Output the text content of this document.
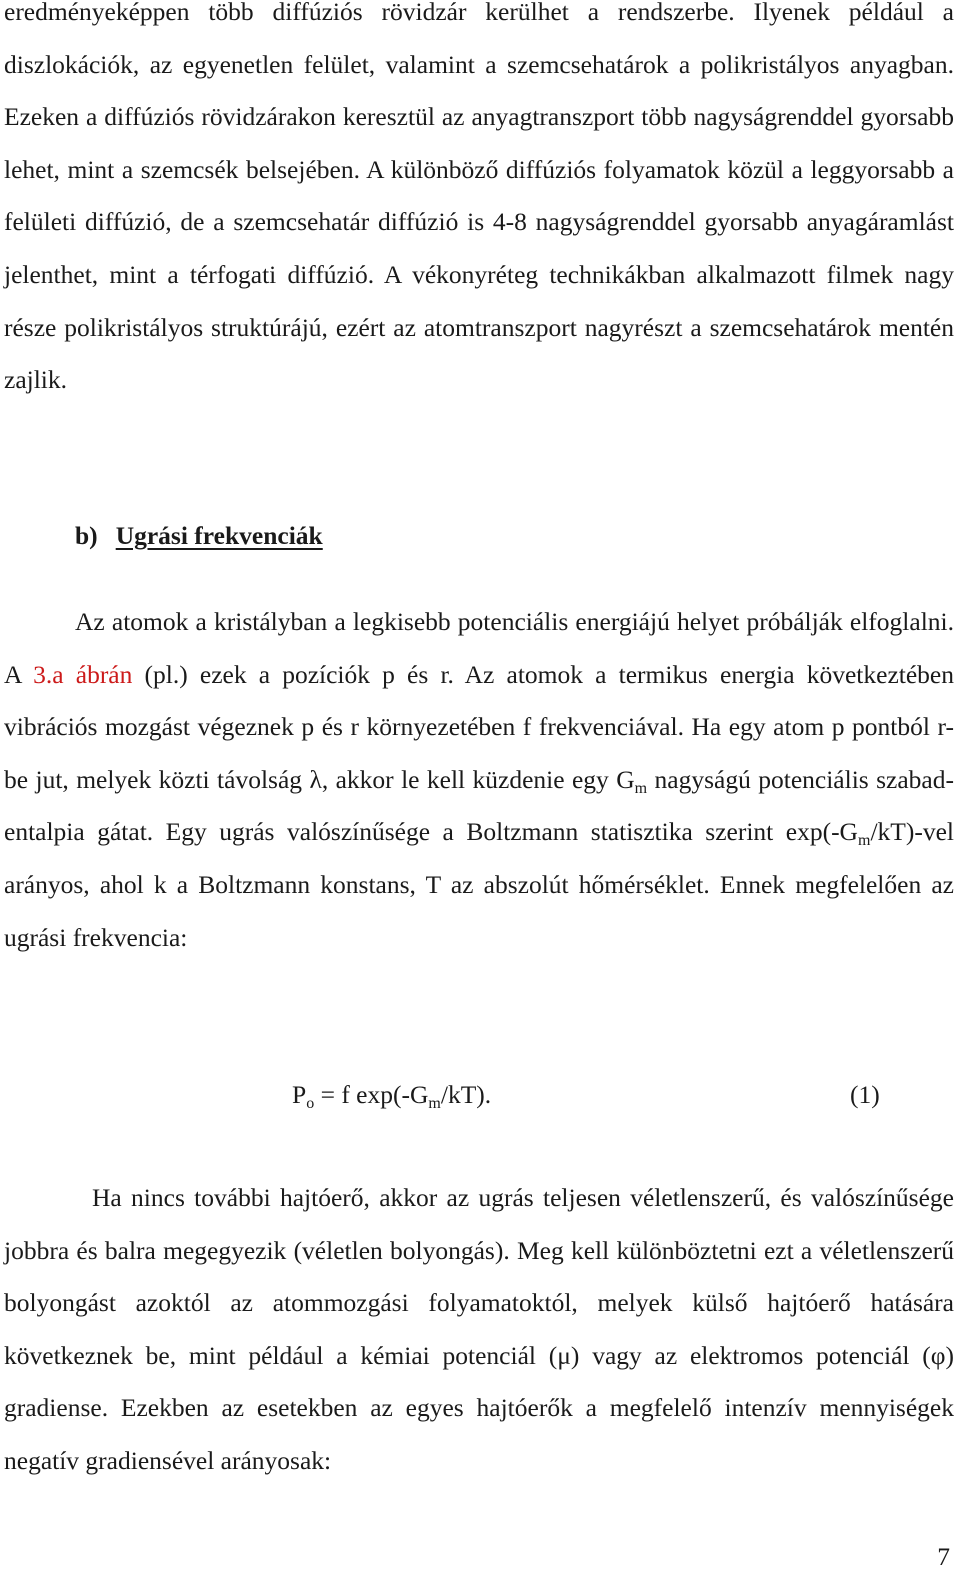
eredményeképpen több diffúziós rövidzár kerülhet a rendszerbe. Ilyenek például a diszlokációk, az egyenetlen felület, valamint a szemcsehatárok a polikristályos anyagban. Ezeken a diffúziós rövidzárakon keresztül az anyagtranszport több nagyságrenddel gyorsabb lehet, mint a szemcsék belsejében. A különböző diffúziós folyamatok közül a leggyorsabb a felületi diffúzió, de a szemcsehatár diffúzió is 4-8 nagyságrenddel gyorsabb anyagáramlást jelenthet, mint a térfogati diffúzió. A vékonyréteg technikákban alkalmazott filmek nagy része polikristályos struktúrájú, ezért az atomtranszport nagyrészt a szemcsehatárok mentén zajlik.

b) Ugrási frekvenciák

Az atomok a kristályban a legkisebb potenciális energiájú helyet próbálják elfoglalni. A 3.a ábrán (pl.) ezek a pozíciók p és r. Az atomok a termikus energia következtében vibrációs mozgást végeznek p és r környezetében f frekvenciával. Ha egy atom p pontból r-be jut, melyek közti távolság λ, akkor le kell küzdenie egy $G_m$ nagyságú potenciális szabad-entalpia gátat. Egy ugrás valószínűsége a Boltzmann statisztika szerint $\exp(-G_m/kT)$-vel arányos, ahol k a Boltzmann konstans, T az abszolút hőmérséklet. Ennek megfelelően az ugrási frekvencia:

$P_o = f$ $\exp(-G_m/kT)$.	(1)

Ha nincs további hajtóerő, akkor az ugrás teljesen véletlenszerű, és valószínűsége jobbra és balra megegyezik (véletlen bolyongás). Meg kell különböztetni ezt a véletlenszerű bolyongást azoktól az atommozgási folyamatoktól, melyek külső hajtóerő hatására következnek be, mint például a kémiai potenciál (μ) vagy az elektromos potenciál (φ) gradiense. Ezekben az esetekben az egyes hajtóerők a megfelelő intenzív mennyiségek negatív gradiensével arányosak:

7
